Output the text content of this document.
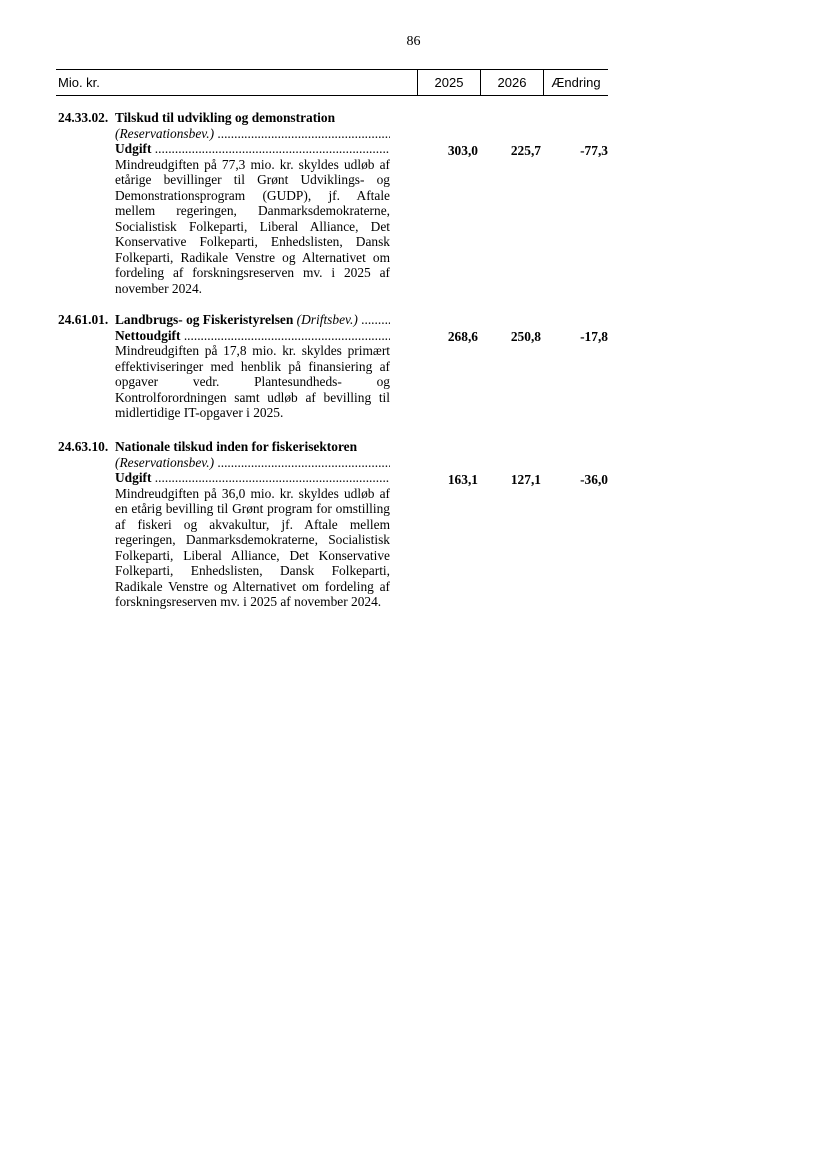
86
Mio. kr.	2025	2026	Ændring
24.33.02. Tilskud til udvikling og demonstration
(Reservationsbev.) .....
Udgift .....	303,0	225,7	-77,3
Mindreudgiften på 77,3 mio. kr. skyldes udløb af etårige bevillinger til Grønt Udviklings- og Demonstrationsprogram (GUDP), jf. Aftale mellem regeringen, Danmarksdemokraterne, Socialistisk Folkeparti, Liberal Alliance, Det Konservative Folkeparti, Enhedslisten, Dansk Folkeparti, Radikale Venstre og Alternativet om fordeling af forskningsreserven mv. i 2025 af november 2024.
24.61.01. Landbrugs- og Fiskeristyrelsen (Driftsbev.) .....
Nettoudgift .....	268,6	250,8	-17,8
Mindreudgiften på 17,8 mio. kr. skyldes primært effektiviseringer med henblik på finansiering af opgaver vedr. Plantesundheds- og Kontrolforordningen samt udløb af bevilling til midlertidige IT-opgaver i 2025.
24.63.10. Nationale tilskud inden for fiskerisektoren
(Reservationsbev.) .....
Udgift .....	163,1	127,1	-36,0
Mindreudgiften på 36,0 mio. kr. skyldes udløb af en etårig bevilling til Grønt program for omstilling af fiskeri og akvakultur, jf. Aftale mellem regeringen, Danmarksdemokraterne, Socialistisk Folkeparti, Liberal Alliance, Det Konservative Folkeparti, Enhedslisten, Dansk Folkeparti, Radikale Venstre og Alternativet om fordeling af forskningsreserven mv. i 2025 af november 2024.
